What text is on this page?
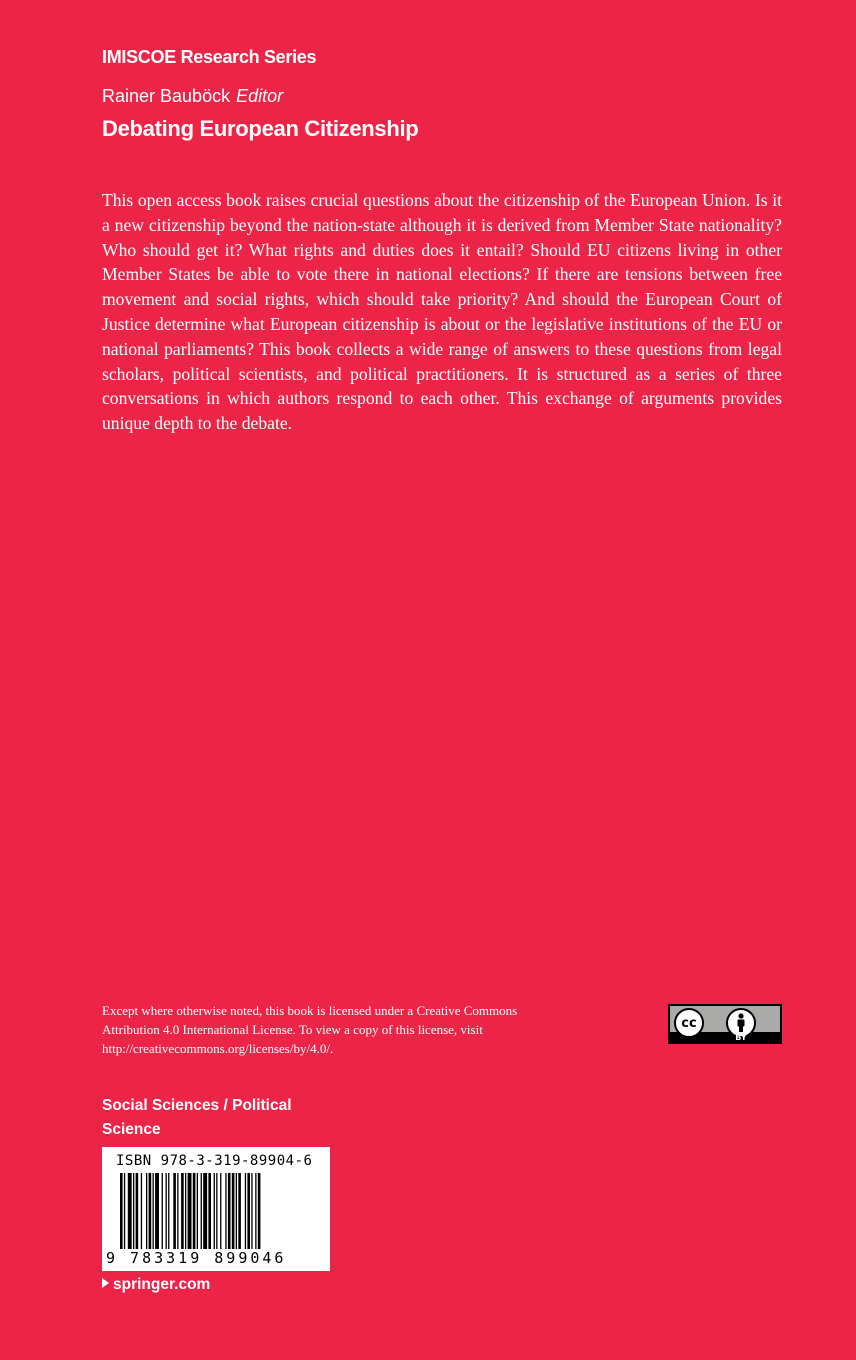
IMISCOE Research Series
Rainer Bauböck Editor
Debating European Citizenship

This open access book raises crucial questions about the citizenship of the European Union. Is it a new citizenship beyond the nation-state although it is derived from Member State nationality? Who should get it? What rights and duties does it entail? Should EU citizens living in other Member States be able to vote there in national elections? If there are tensions between free movement and social rights, which should take priority? And should the European Court of Justice determine what European citizenship is about or the legislative institutions of the EU or national parliaments? This book collects a wide range of answers to these questions from legal scholars, political scientists, and political practitioners. It is structured as a series of three conversations in which authors respond to each other. This exchange of arguments provides unique depth to the debate.

Except where otherwise noted, this book is licensed under a Creative Commons Attribution 4.0 International License. To view a copy of this license, visit http://creativecommons.org/licenses/by/4.0/.

cc
BY
Social Sciences / Political
Science
ISBN 978-3-319-89904-6
9 783319 899046
springer.com
